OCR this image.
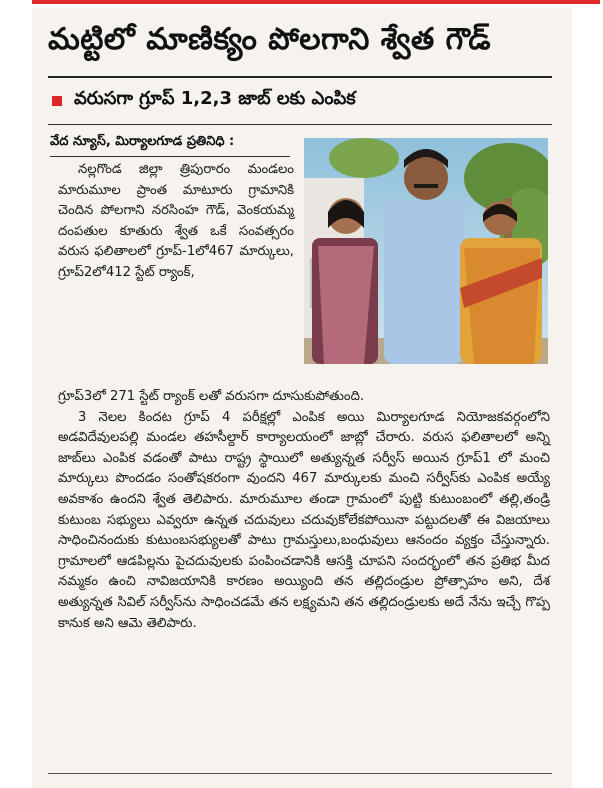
మట్టిలో మాణిక్యం పోలగాని శ్వేత గౌడ్
వరుసగా గ్రూప్ 1,2,3 జాబ్ లకు ఎంపిక
వేద న్యూస్, మిర్యాలగూడ ప్రతినిధి :
నల్లగొండ జిల్లా త్రిపురారం మండలం మారుమూల ప్రాంత మాటూరు గ్రామానికి చెందిన పోలగాని నరసింహ గౌడ్, వెంకయమ్మ దంపతుల కూతురు శ్వేత ఒకే సంవత్సరం వరుస ఫలితాలలో గ్రూప్-1లో467 మార్కులు, గ్రూప్2లో412 స్టేట్ ర్యాంక్,
గ్రూప్3లో 271 స్టేట్ ర్యాంక్ లతో వరుసగా దూసుకుపోతుంది.
3 నెలల కిందట గ్రూప్ 4 పరీక్షల్లో ఎంపిక అయి మిర్యాలగూడ నియోజకవర్గంలోని అడవిదేవులపల్లి మండల తహసీల్దార్ కార్యాలయంలో జాబ్లో చేరారు. వరుస ఫలితాలలో అన్ని జాబ్‌లు ఎంపిక వడంతో పాటు రాష్ట్ర స్థాయిలో అత్యున్నత సర్వీస్ అయిన గ్రూప్1 లో మంచి మార్కులు పొందడం సంతోషకరంగా వుందని 467 మార్కులకు మంచి సర్వీస్‌కు ఎంపిక అయ్యే అవకాశం ఉందని శ్వేత తెలిపారు. మారుమూల తండా గ్రామంలో పుట్టి కుటుంబంలో తల్లి,తండ్రి కుటుంబ సభ్యులు ఎవ్వరూ ఉన్నత చదువులు చదువుకోలేకపోయినా పట్టుదలతో ఈ విజయాలు సాధించినందుకు కుటుంబసభ్యులతో పాటు గ్రామస్తులు,బంధువులు ఆనందం వ్యక్తం చేస్తున్నారు. గ్రామాలలో ఆడపిల్లను పైచదువులకు పంపించడానికి ఆసక్తి చూపని సందర్భంలో తన ప్రతిభ మీద నమ్మకం ఉంచి నావిజయానికి కారణం అయ్యింది తన తల్లిదండ్రుల ప్రోత్సాహం అని, దేశ అత్యున్నత సివిల్ సర్వీస్‌ను సాధించడమే తన లక్ష్యమని తన తల్లిదండ్రులకు అదే నేను ఇచ్చే గొప్ప కానుక అని ఆమె తెలిపారు.
